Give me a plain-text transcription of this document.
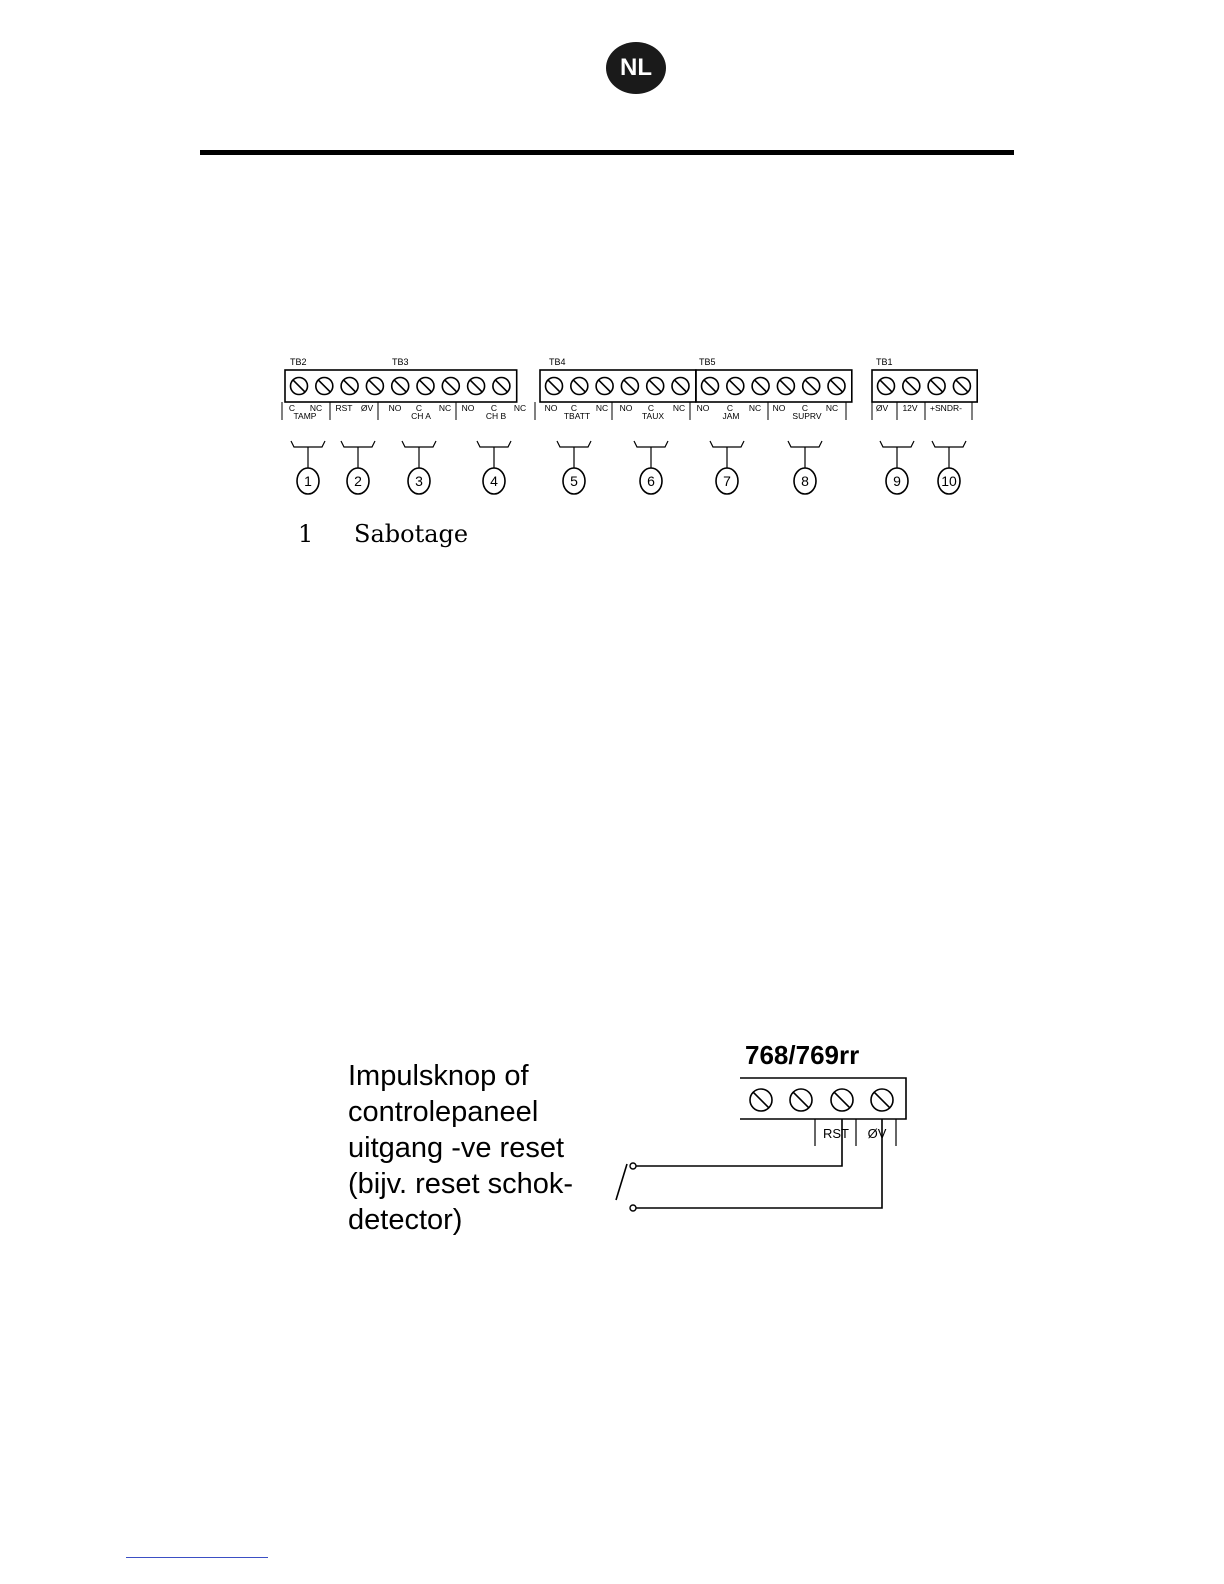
NL
TB2	TB3	TB4	TB5	TB1
C NC RST ØV NO C NC NO C NC NO C NC NO C NC NO C NC NO C NC	ØV 12V +SNDR-
TAMP	CH A	CH B	TBATT	TAUX	JAM	SUPRV
1	2	3	4	5	6	7	8	9	10
1 Sabotage
Impulsknop of
controlepaneel
uitgang -ve reset
(bijv. reset schok-
detector)
768/769rr
RST ØV
